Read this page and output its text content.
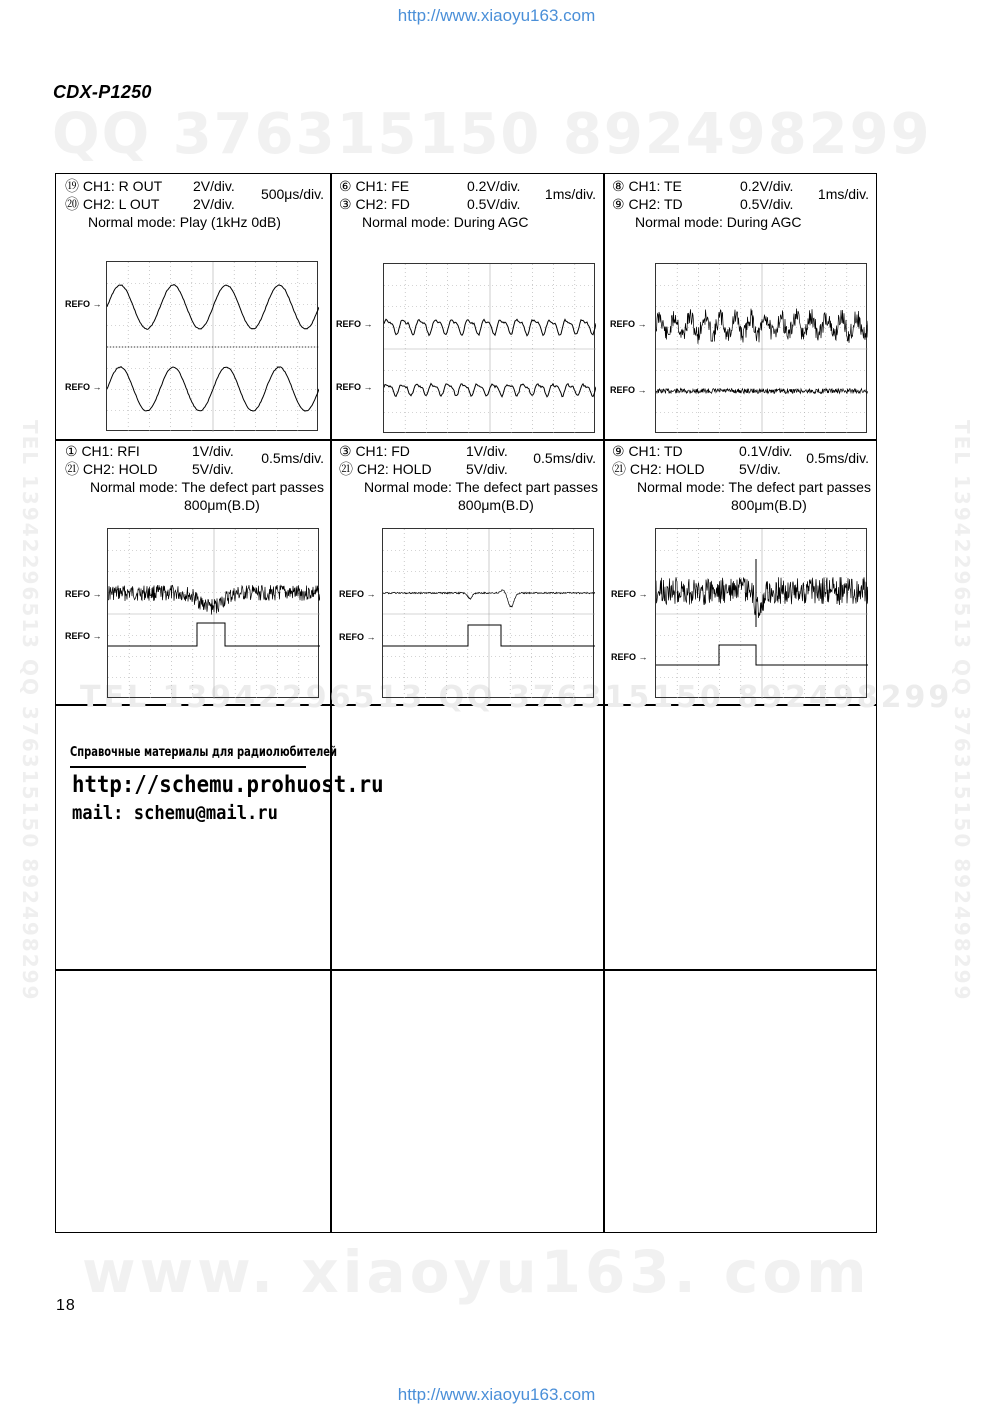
http://www.xiaoyu163.com
CDX-P1250
QQ 376315150 892498299
TEL 13942296513 QQ 376315150 892498299	TEL 13942296513 QQ 376315150 892498299
TEL 13942296513 QQ 376315150 892498299
⑲ CH1: R OUT 2V/div.
⑳ CH2: L OUT 2V/div.
500μs/div.
Normal mode: Play (1kHz 0dB)
REFO →
REFO →
⑥ CH1: FE	0.2V/div.
③ CH2: FD	0.5V/div.
1ms/div.
Normal mode: During AGC
REFO →
REFO →
⑧ CH1: TE	0.2V/div.
⑨ CH2: TD	0.5V/div.
1ms/div.
Normal mode: During AGC
REFO →
REFO →
① CH1: RFI	1V/div.
㉑ CH2: HOLD 5V/div.
0.5ms/div.
Normal mode: The defect part passes
800μm(B.D)
REFO →
REFO →
③ CH1: FD	1V/div.
㉑ CH2: HOLD 5V/div.
0.5ms/div.
Normal mode: The defect part passes
800μm(B.D)
REFO →
REFO →
⑨ CH1: TD	0.1V/div.
㉑ CH2: HOLD 5V/div.
0.5ms/div.
Normal mode: The defect part passes
800μm(B.D)
REFO →
REFO →
Справочные материалы для радиолюбителей
http://schemu.prohuost.ru
mail: schemu@mail.ru
www. xiaoyu163. com
18
http://www.xiaoyu163.com
